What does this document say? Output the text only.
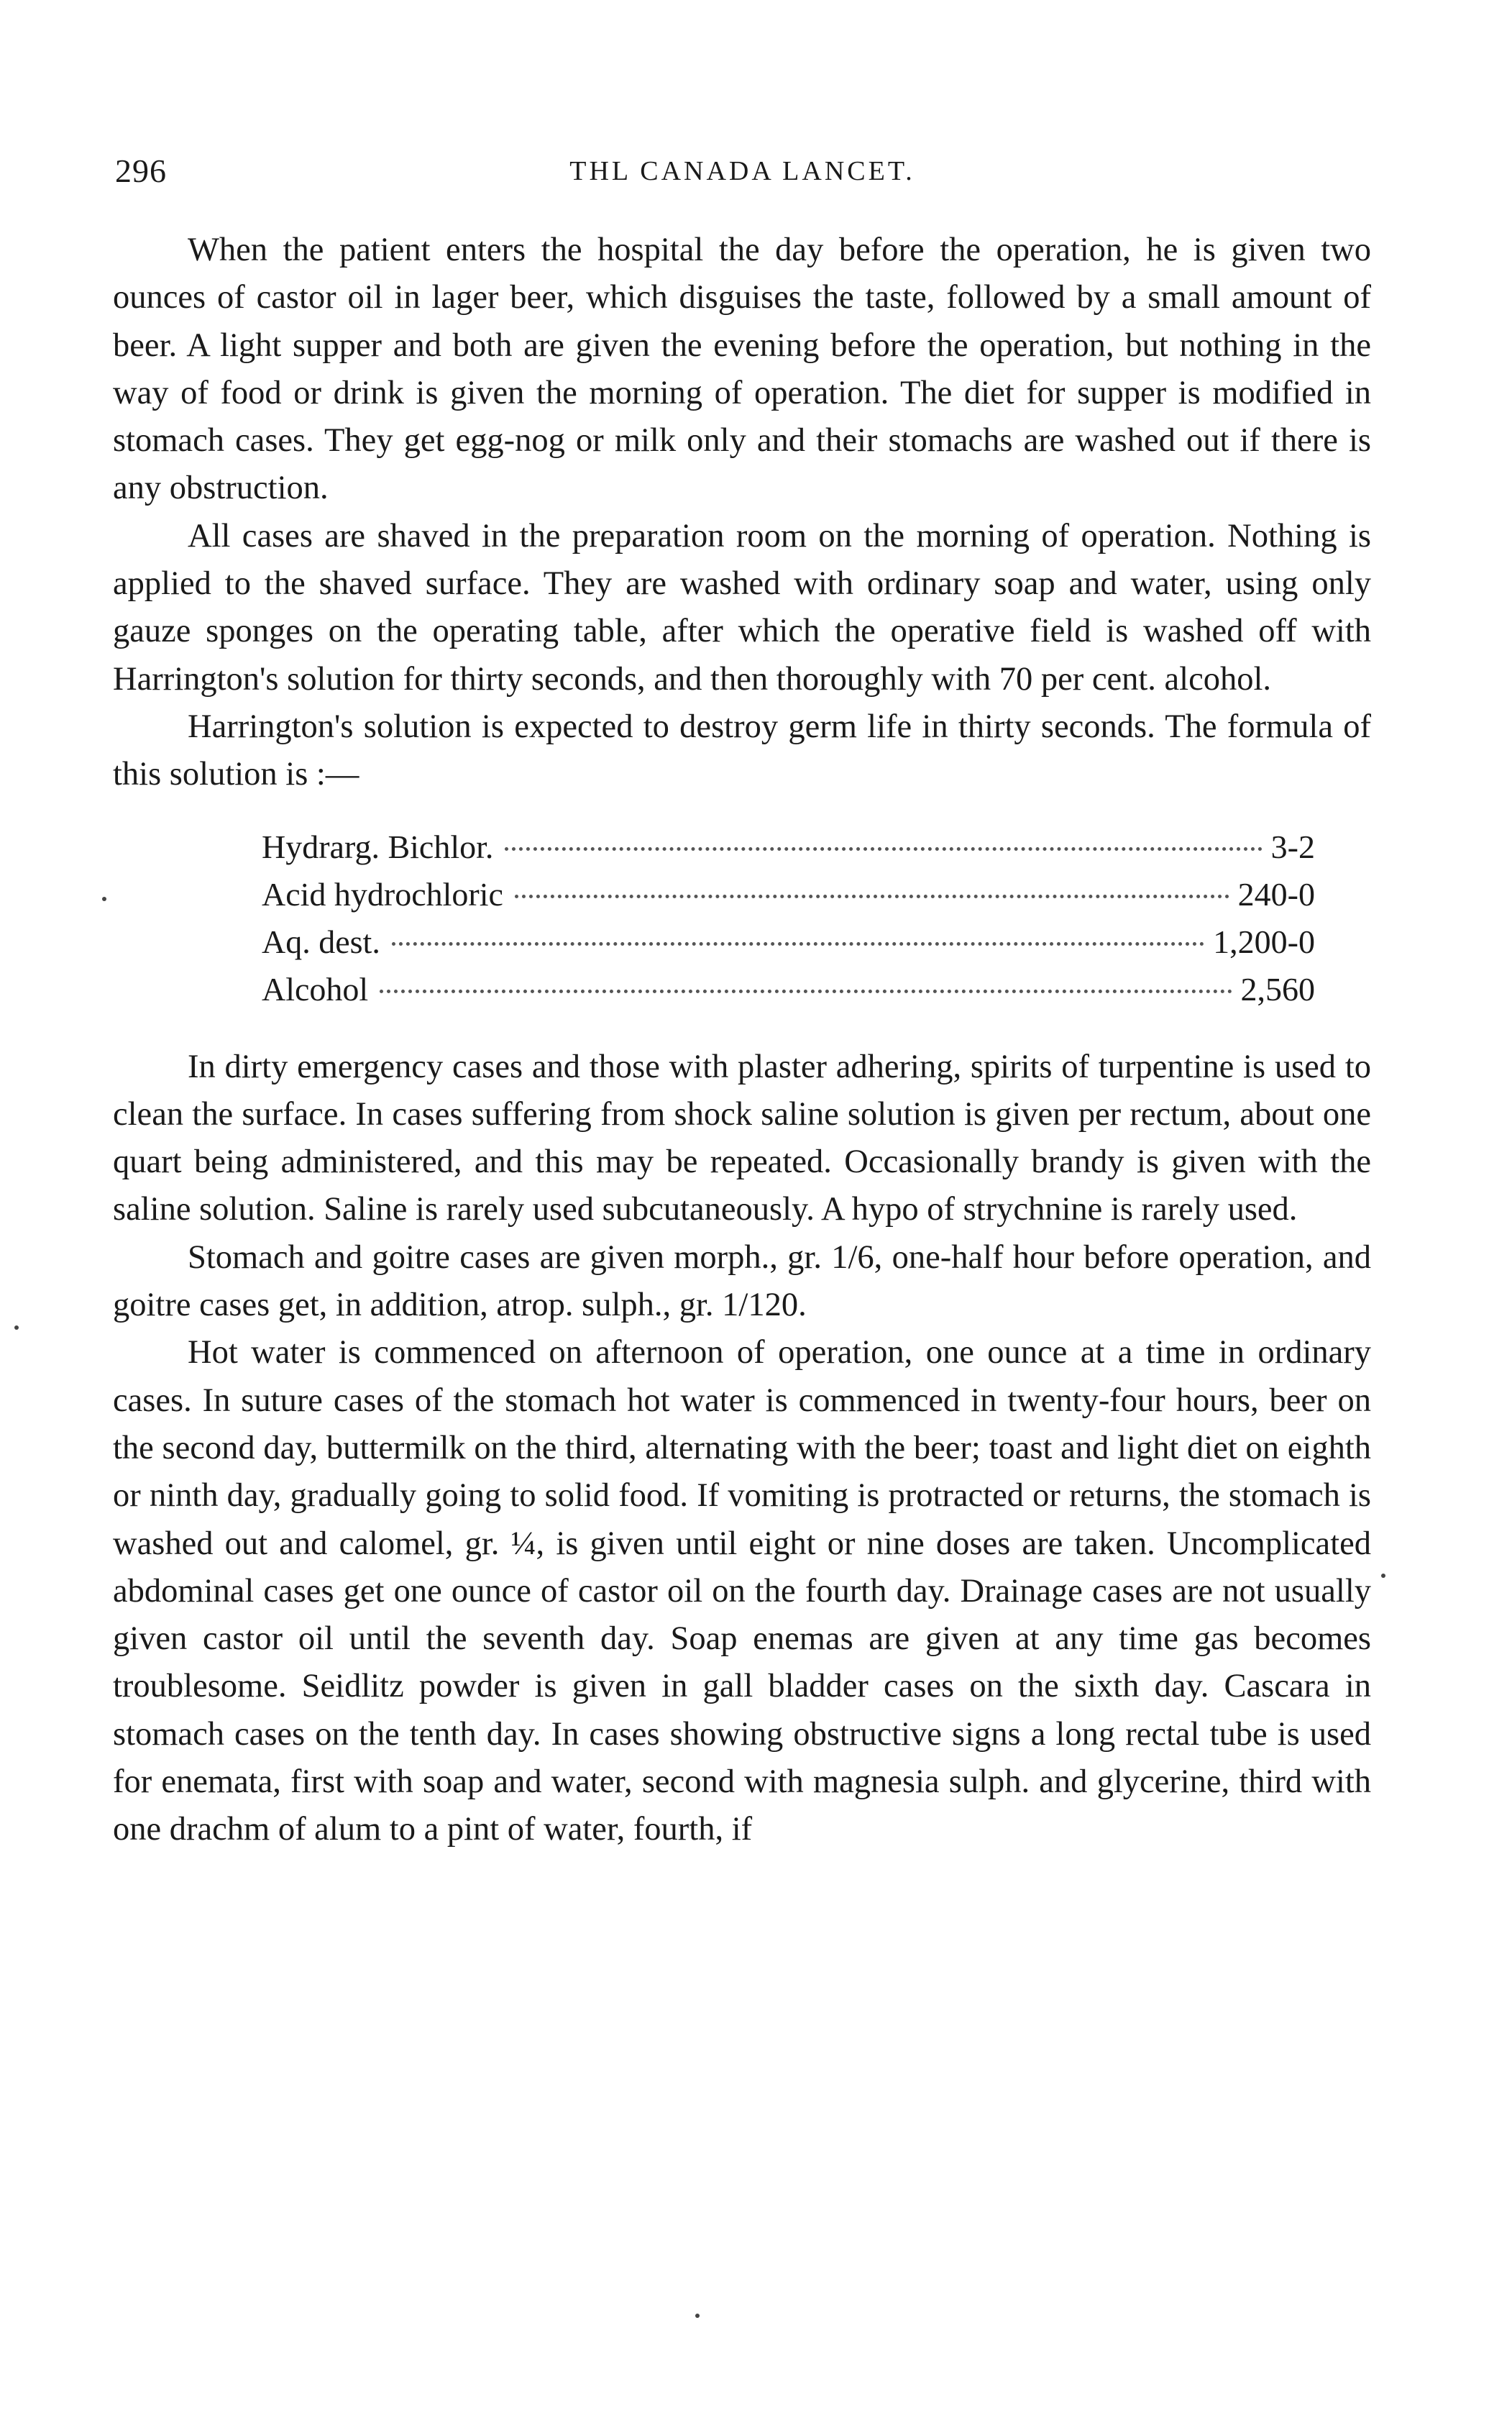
296	THL CANADA LANCET.

When the patient enters the hospital the day before the operation, he is given two ounces of castor oil in lager beer, which disguises the taste, followed by a small amount of beer. A light supper and both are given the evening before the operation, but nothing in the way of food or drink is given the morning of operation. The diet for supper is modified in stomach cases. They get egg-nog or milk only and their stomachs are washed out if there is any obstruction.

All cases are shaved in the preparation room on the morning of operation. Nothing is applied to the shaved surface. They are washed with ordinary soap and water, using only gauze sponges on the operating table, after which the operative field is washed off with Harrington's solution for thirty seconds, and then thoroughly with 70 per cent. alcohol.

Harrington's solution is expected to destroy germ life in thirty seconds. The formula of this solution is :—

Hydrarg. Bichlor.	3-2
Acid hydrochloric	240-0
Aq. dest.	1,200-0
Alcohol	2,560

In dirty emergency cases and those with plaster adhering, spirits of turpentine is used to clean the surface. In cases suffering from shock saline solution is given per rectum, about one quart being administered, and this may be repeated. Occasionally brandy is given with the saline solution. Saline is rarely used subcutaneously. A hypo of strychnine is rarely used.

Stomach and goitre cases are given morph., gr. 1/6, one-half hour before operation, and goitre cases get, in addition, atrop. sulph., gr. 1/120.

Hot water is commenced on afternoon of operation, one ounce at a time in ordinary cases. In suture cases of the stomach hot water is commenced in twenty-four hours, beer on the second day, buttermilk on the third, alternating with the beer; toast and light diet on eighth or ninth day, gradually going to solid food. If vomiting is protracted or returns, the stomach is washed out and calomel, gr. ¼, is given until eight or nine doses are taken. Uncomplicated abdominal cases get one ounce of castor oil on the fourth day. Drainage cases are not usually given castor oil until the seventh day. Soap enemas are given at any time gas becomes troublesome. Seidlitz powder is given in gall bladder cases on the sixth day. Cascara in stomach cases on the tenth day. In cases showing obstructive signs a long rectal tube is used for enemata, first with soap and water, second with magnesia sulph. and glycerine, third with one drachm of alum to a pint of water, fourth, if
